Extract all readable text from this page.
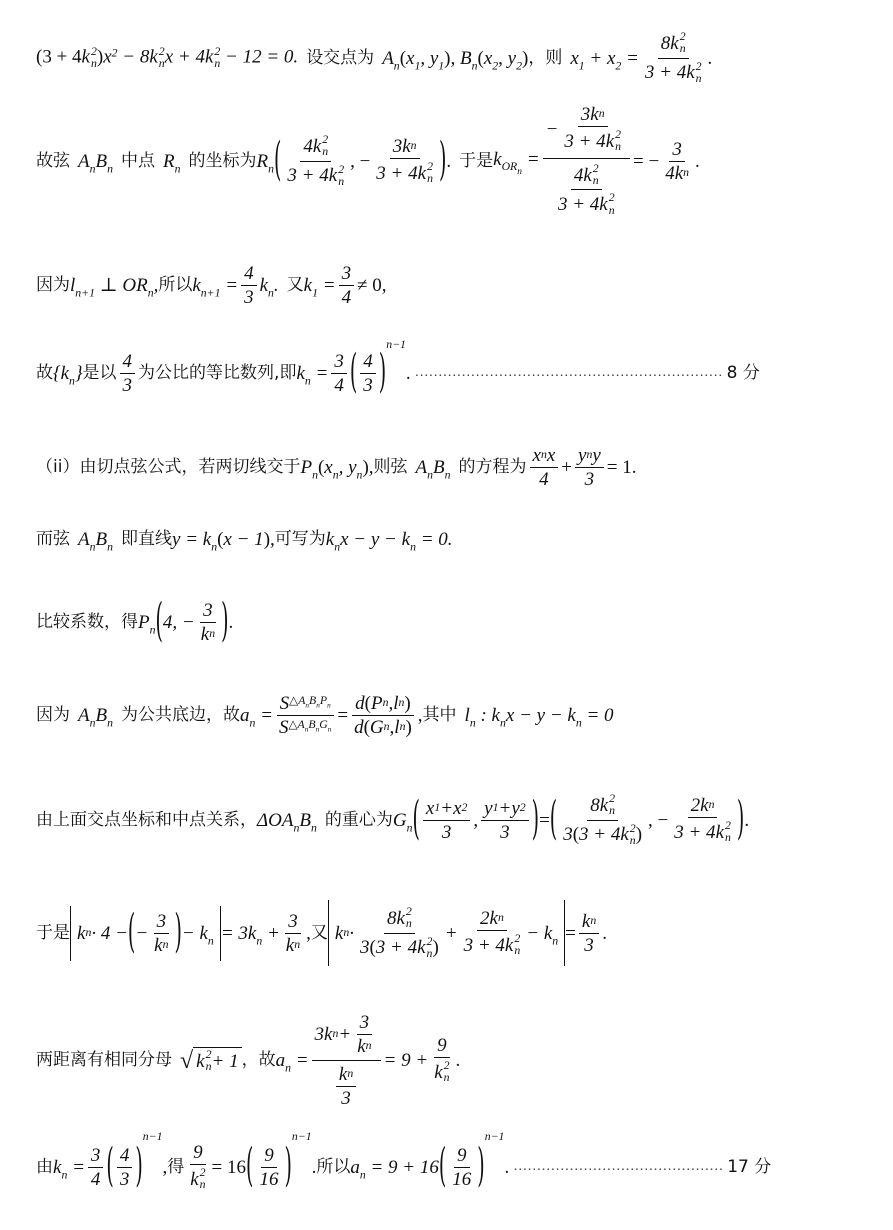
(3 + 4k 2
n )$x^2 - 8k$ 2
n x + 4k 2
n − 12 = 0. 设交点为 $A_n(x_1$, $y_1$), $B_n(x_2$, $y_2$) ， 则 $x_1 + x_2 = 8$ k 2
n
3 + 4 k 2
n .
故弦 $A_nB_n$ 中点 $R_n$ 的坐标为 $R_n$ ( 4 k 2
n
3 + 4 k 2
n , − 3 k n
3 + 4 k 2
n ) . 于是 $k_{OR_n}$ = − 3 k n
3 + 4 k 2
n
4 k 2
n
3 + 4 k 2
n = − $\frac{3}{\text{4 k n}}$ .
因为 $l_{n+1}$ ⊥ $OR_n$, 所以 $k_{n+1} = \frac{4}{3} k_n$. 又 $k_1 = \frac{3}{4} \ne 0$,
故 $\{k_n\}$ 是以 $\frac{4}{3}$ 为公比的等比数列 , 即 $k_n = \frac{3}{4}$ ( $\frac{4}{3}$ )
n−1
. ………………………………………………………… 8 分
（ii）由切点弦公式，若两切线交于 $P_n(x_n$, $y_n$), 则弦 $A_nB_n$ 的方程为 $\frac{\text{x n x}}{4} + \frac{\text{y n y}}{3} = 1$.
而弦 $A_nB_n$ 即直线 $y = k_n(x - 1)$, 可写为 $k_nx - y - k_n = 0$.
比较系数，得 $P_n$ ( 4, − $\frac{3}{\text{k n}}$ ) .
因为 $A_nB_n$ 为公共底边，故 $a_n = \frac{S \triangle A_nB_nP_n}{S \triangle A_nB_nG_n} = \frac{\text{d ( P n , l n )}}{\text{d ( G n , l n )}}$ , 其中 $l_n$ : $k_nx - y - k_n = 0$
由上面交点坐标和中点关系， $\Delta OA_nB_n$ 的重心为 $G_n$ ( $\frac{x 1 + x 2}{3}$ , $\frac{y 1 + y 2}{3}$ ) = ( 8 k 2
n
3 ( 3 + 4 k 2
n ) , − 2 k n
3 + 4 k 2
n ) .
于是 k n · 4 − ( − $\frac{3}{\text{k n}}$ ) − $k_n = 3k_n + \frac{3}{\text{k n}}$ , 又 k n · 8 k 2
n
3 ( 3 + 4 k 2
n ) + 2 k n
3 + 4 k 2
$n - k_n = \frac{\text{k n}}{3}$ .
两距离有相同分母 √ k 2
n + 1 ， 故 $a_n = \frac{3 k n + \frac{3}{\text{k n}}}{\frac{\text{k n}}{3}} = 9 + 9$
k 2
n .
由 $k_n = \frac{3}{4}$ ( $\frac{4}{3}$ )
n−1
, 得 9
k 2
n = 16 ( $\frac{9}{16}$ )
n−1
. 所以 $a_n = 9 + 16$ ( $\frac{9}{16}$ )
n−1
. ……………………………………… 17 分
